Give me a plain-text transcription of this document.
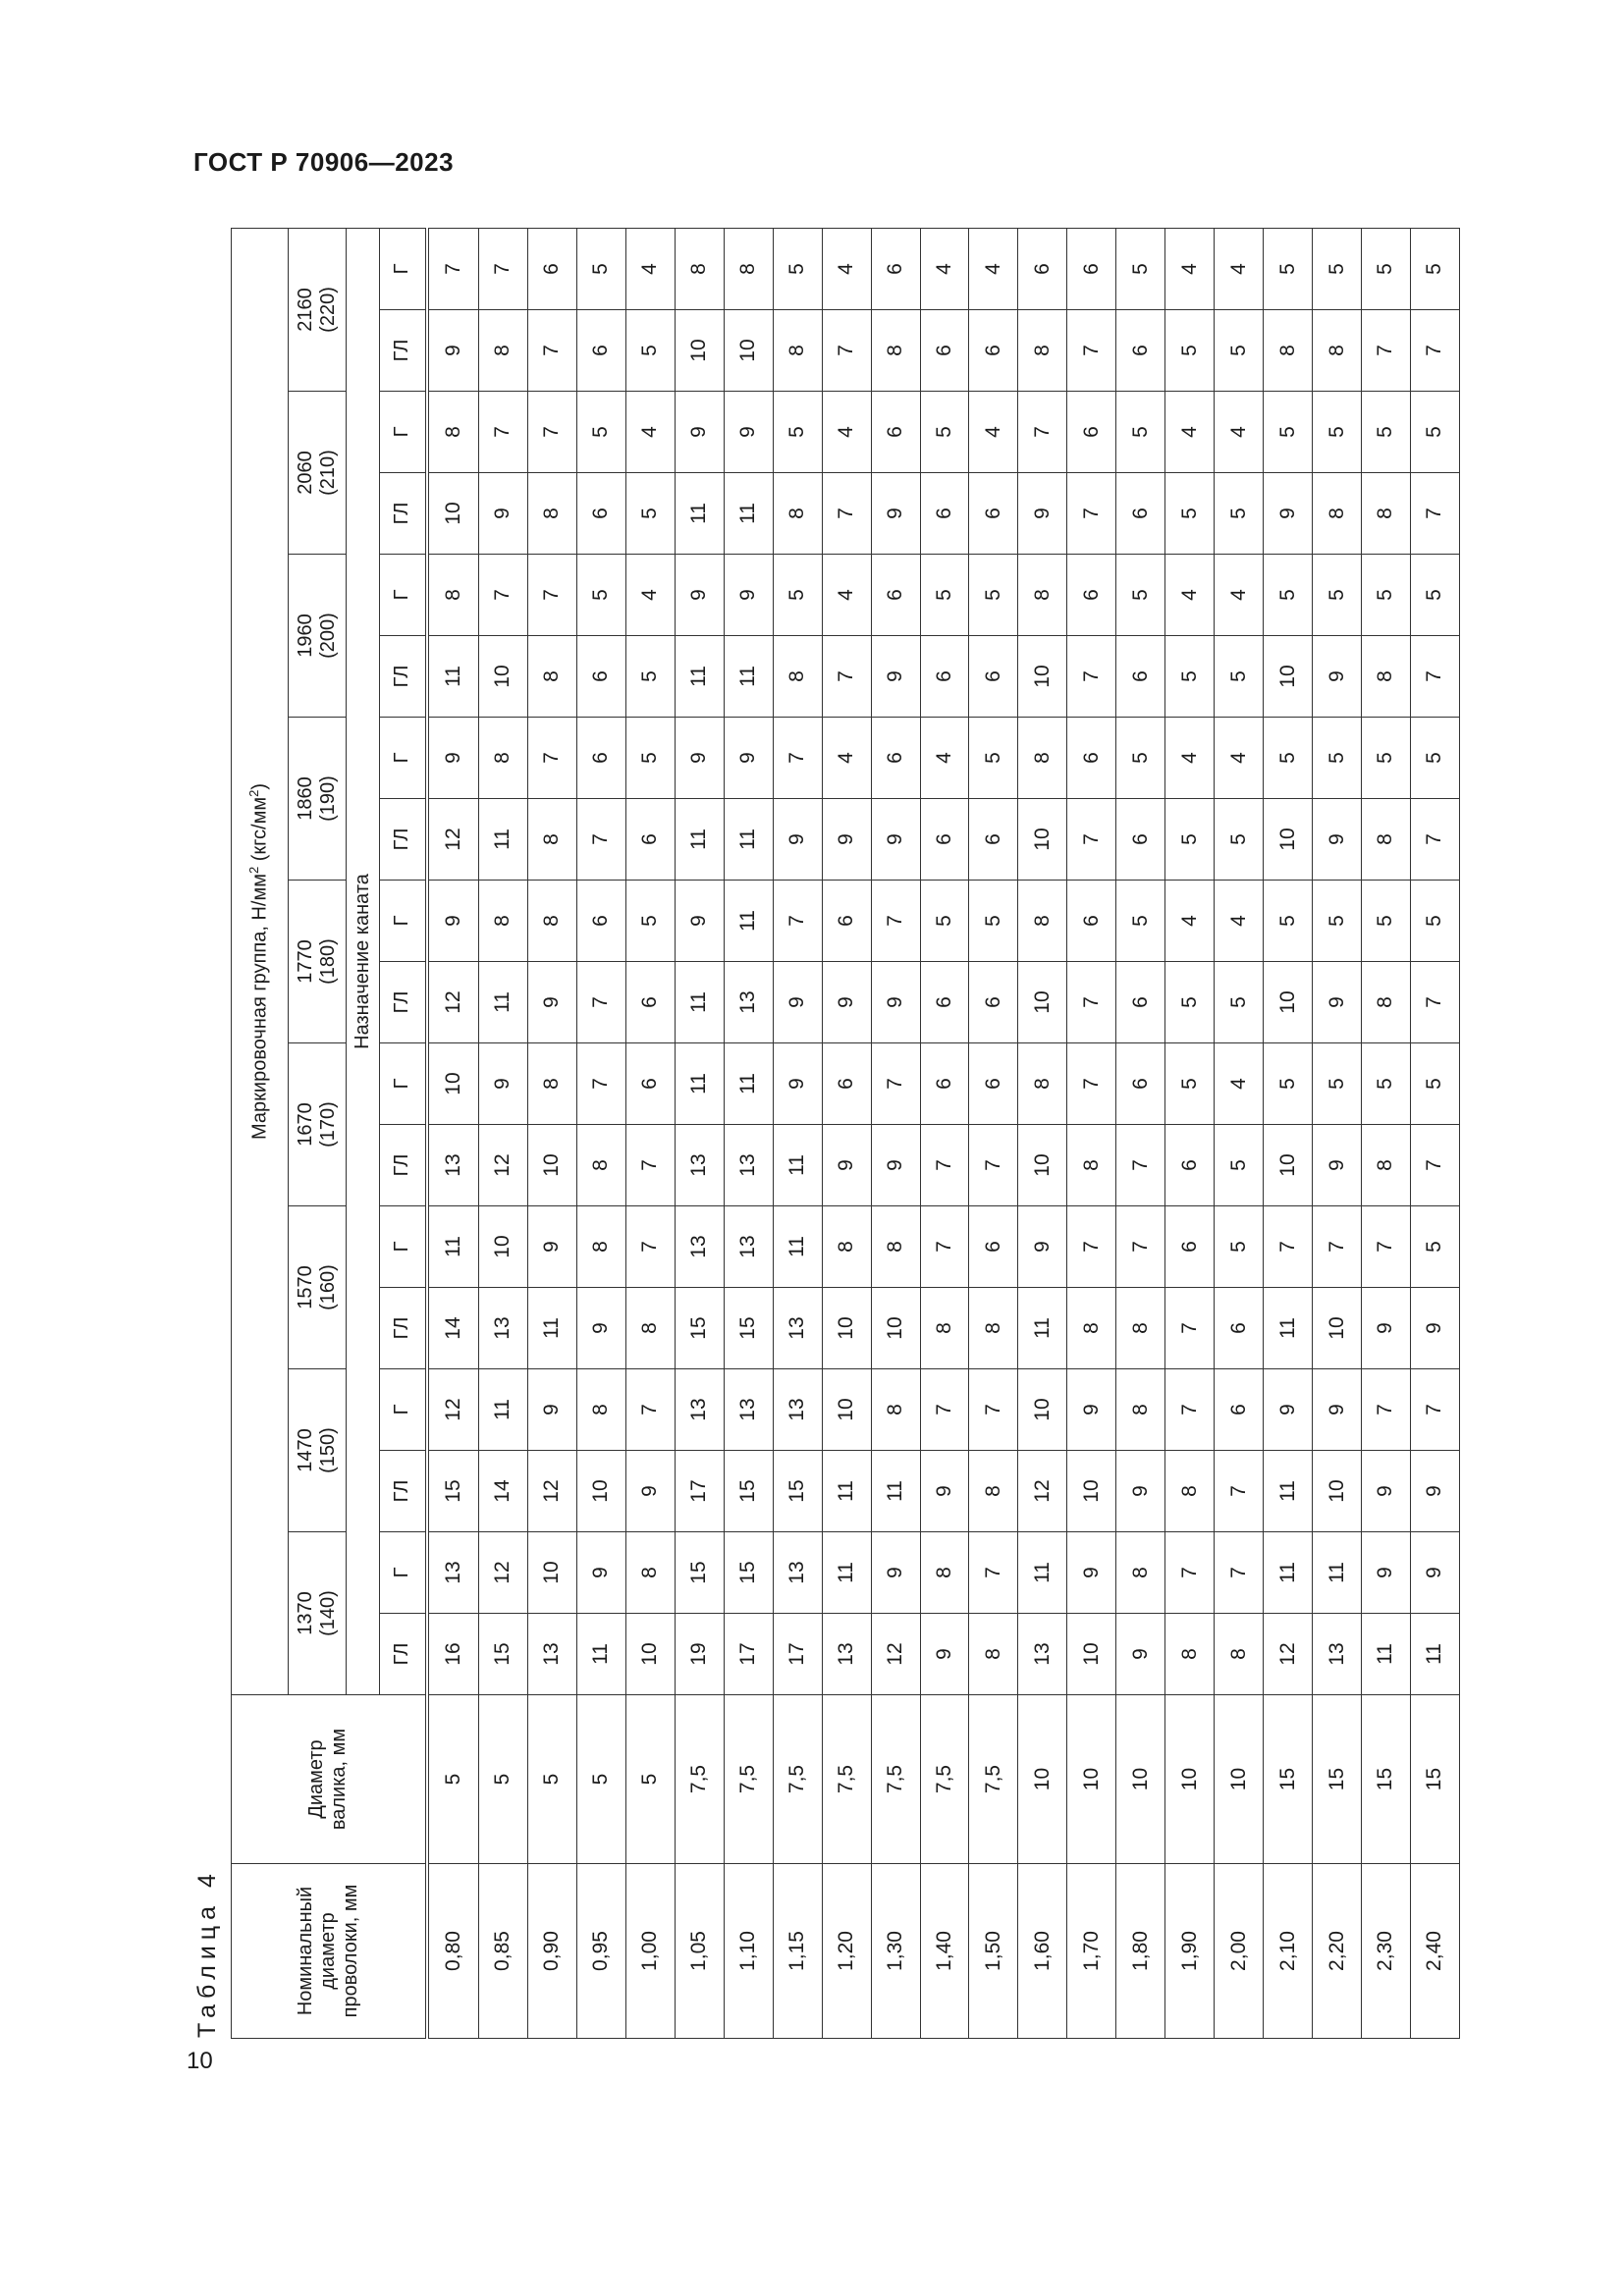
ГОСТ Р 70906—2023
Таблица 4
10
Номинальный
диаметр
проволоки, мм	Диаметр
валика, мм	Маркировочная группа, $Н/мм^2$ $(кгс/мм^2)$																	
		1370
(140)		1470
(150)		1570
(160)		1670
(170)		1770
(180)		1860
(190)		1960
(200)		2060
(210)		2160
(220)	
		Назначение каната																	
		ГЛ	Г	ГЛ	Г	ГЛ	Г	ГЛ	Г	ГЛ	Г	ГЛ	Г	ГЛ	Г	ГЛ	Г	ГЛ	Г
0,80	5	16	13	15	12	14	11	13	10	12	9	12	9	11	8	10	8	9	7
0,85	5	15	12	14	11	13	10	12	9	11	8	11	8	10	7	9	7	8	7
0,90	5	13	10	12	9	11	9	10	8	9	8	8	7	8	7	8	7	7	6
0,95	5	11	9	10	8	9	8	8	7	7	6	7	6	6	5	6	5	6	5
1,00	5	10	8	9	7	8	7	7	6	6	5	6	5	5	4	5	4	5	4
1,05	7,5	19	15	17	13	15	13	13	11	11	9	11	9	11	9	11	9	10	8
1,10	7,5	17	15	15	13	15	13	13	11	13	11	11	9	11	9	11	9	10	8
1,15	7,5	17	13	15	13	13	11	11	9	9	7	9	7	8	5	8	5	8	5
1,20	7,5	13	11	11	10	10	8	9	6	9	6	9	4	7	4	7	4	7	4
1,30	7,5	12	9	11	8	10	8	9	7	9	7	9	6	9	6	9	6	8	6
1,40	7,5	9	8	9	7	8	7	7	6	6	5	6	4	6	5	6	5	6	4
1,50	7,5	8	7	8	7	8	6	7	6	6	5	6	5	6	5	6	4	6	4
1,60	10	13	11	12	10	11	9	10	8	10	8	10	8	10	8	9	7	8	6
1,70	10	10	9	10	9	8	7	8	7	7	6	7	6	7	6	7	6	7	6
1,80	10	9	8	9	8	8	7	7	6	6	5	6	5	6	5	6	5	6	5
1,90	10	8	7	8	7	7	6	6	5	5	4	5	4	5	4	5	4	5	4
2,00	10	8	7	7	6	6	5	5	4	5	4	5	4	5	4	5	4	5	4
2,10	15	12	11	11	9	11	7	10	5	10	5	10	5	10	5	9	5	8	5
2,20	15	13	11	10	9	10	7	9	5	9	5	9	5	9	5	8	5	8	5
2,30	15	11	9	9	7	9	7	8	5	8	5	8	5	8	5	8	5	7	5
2,40	15	11	9	9	7	9	5	7	5	7	5	7	5	7	5	7	5	7	5
